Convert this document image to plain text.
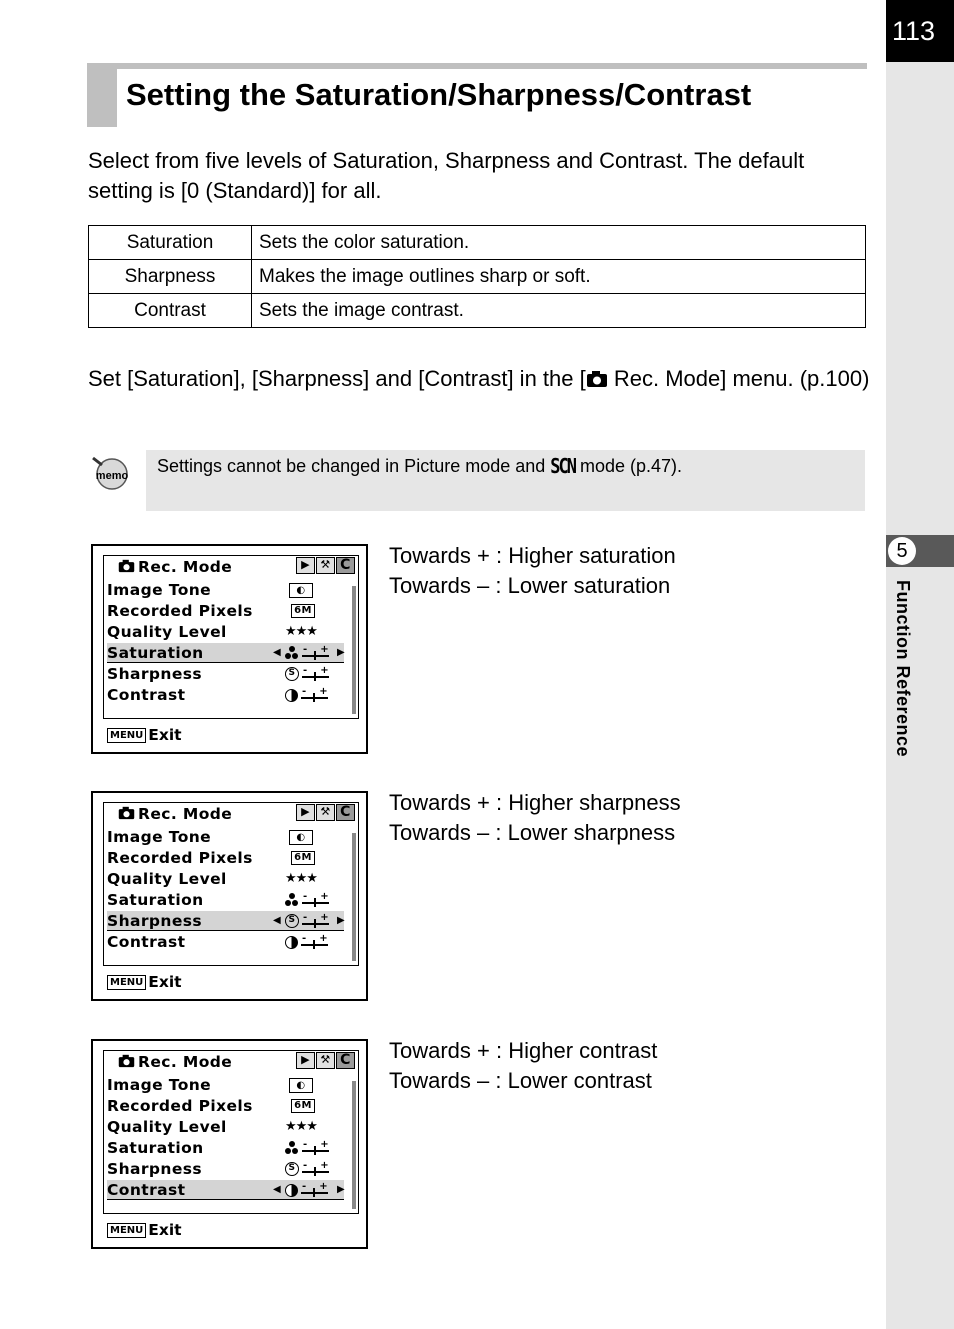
113
5
Function Reference
Setting the Saturation/Sharpness/Contrast

Select from five levels of Saturation, Sharpness and Contrast. The default setting is [0 (Standard)] for all.

Saturation	Sets the color saturation.
Sharpness	Makes the image outlines sharp or soft.
Contrast	Sets the image contrast.

Set [Saturation], [Sharpness] and [Contrast] in the [ Rec. Mode] menu. (p.100)

memo	Settings cannot be changed in Picture mode and SCN mode (p.47).
Rec. Mode	▶ ⚒ C
Image Tone	◐
Recorded Pixels	6M
Quality Level	★★★
Saturation	- +
◀	▶
Sharpness	S - +
Contrast	- +
MENU Exit

Towards + : Higher saturation
Towards – : Lower saturation

Rec. Mode	▶ ⚒ C
Image Tone	◐
Recorded Pixels	6M
Quality Level	★★★
Saturation	- +
Sharpness	S - +
◀	▶
Contrast	- +
MENU Exit

Towards + : Higher sharpness
Towards – : Lower sharpness

Rec. Mode	▶ ⚒ C
Image Tone	◐
Recorded Pixels	6M
Quality Level	★★★
Saturation	- +
Sharpness	S - +
Contrast	- +
◀	▶
MENU Exit

Towards + : Higher contrast
Towards – : Lower contrast
